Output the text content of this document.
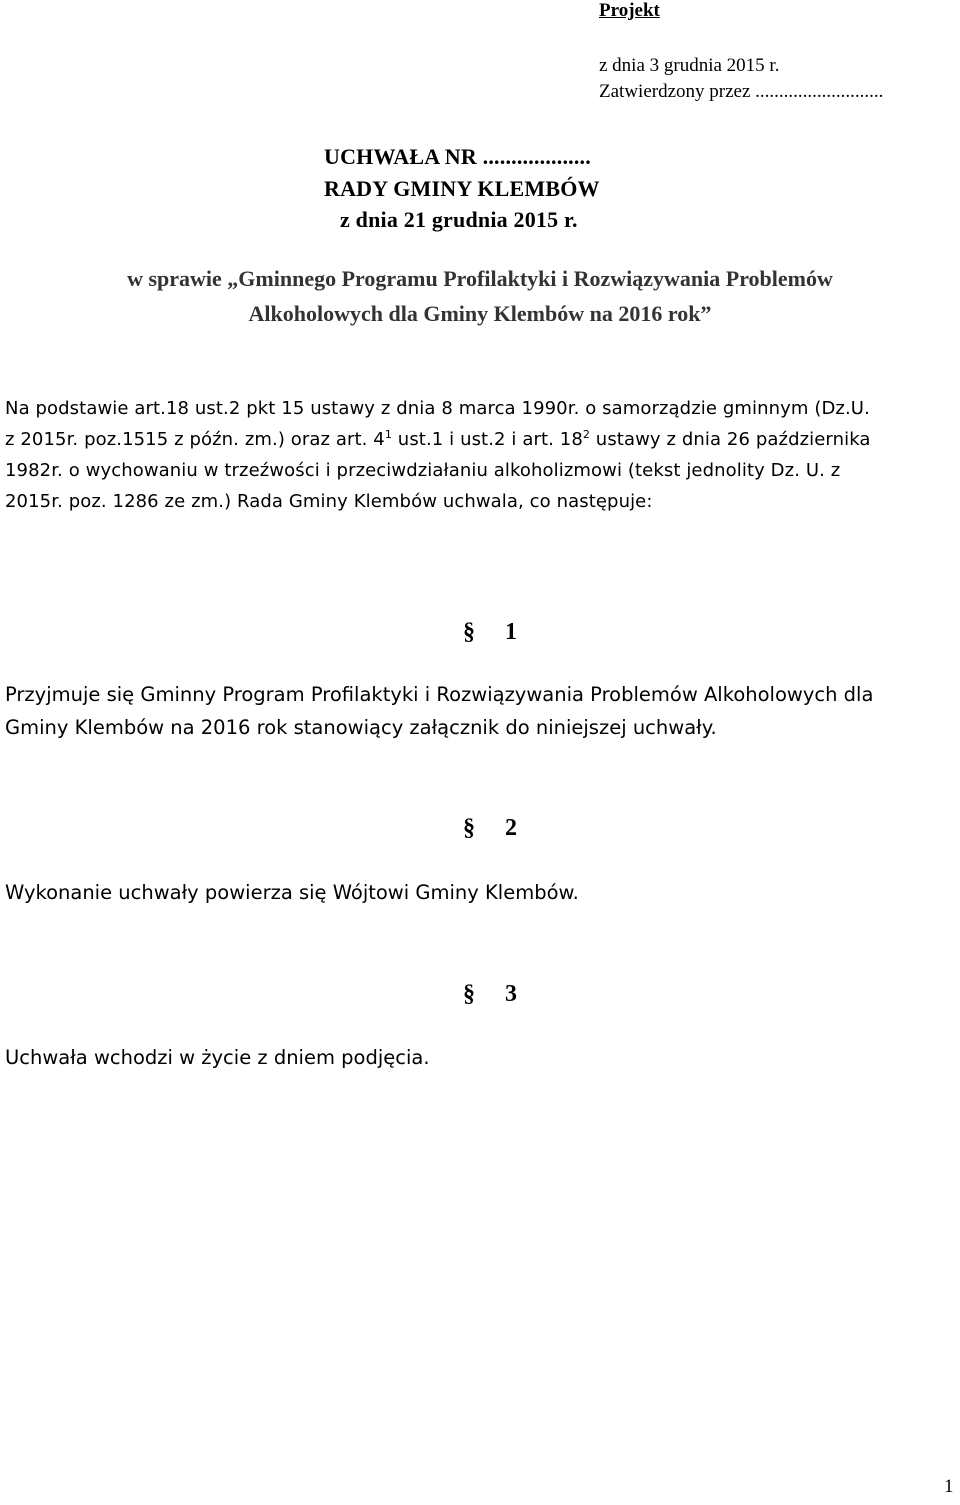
Projekt
z dnia 3 grudnia 2015 r.
Zatwierdzony przez ...........................
UCHWAŁA NR ...................
RADY GMINY KLEMBÓW
z dnia 21 grudnia 2015 r.
w sprawie „Gminnego Programu Profilaktyki i Rozwiązywania Problemów
Alkoholowych dla Gminy Klembów na 2016 rok”
Na podstawie art.18 ust.2 pkt 15 ustawy z dnia 8 marca 1990r. o samorządzie gminnym (Dz.U.
z 2015r. poz.1515 z późn. zm.) oraz art. $4^1$ ust.1 i ust.2 i art. $18^2$ ustawy z dnia 26 października
1982r. o wychowaniu w trzeźwości i przeciwdziałaniu alkoholizmowi (tekst jednolity Dz. U. z
2015r. poz. 1286 ze zm.) Rada Gminy Klembów uchwala, co następuje:
§ 1
Przyjmuje się Gminny Program Profilaktyki i Rozwiązywania Problemów Alkoholowych dla
Gminy Klembów na 2016 rok stanowiący załącznik do niniejszej uchwały.
§ 2
Wykonanie uchwały powierza się Wójtowi Gminy Klembów.
§ 3
Uchwała wchodzi w życie z dniem podjęcia.
1
